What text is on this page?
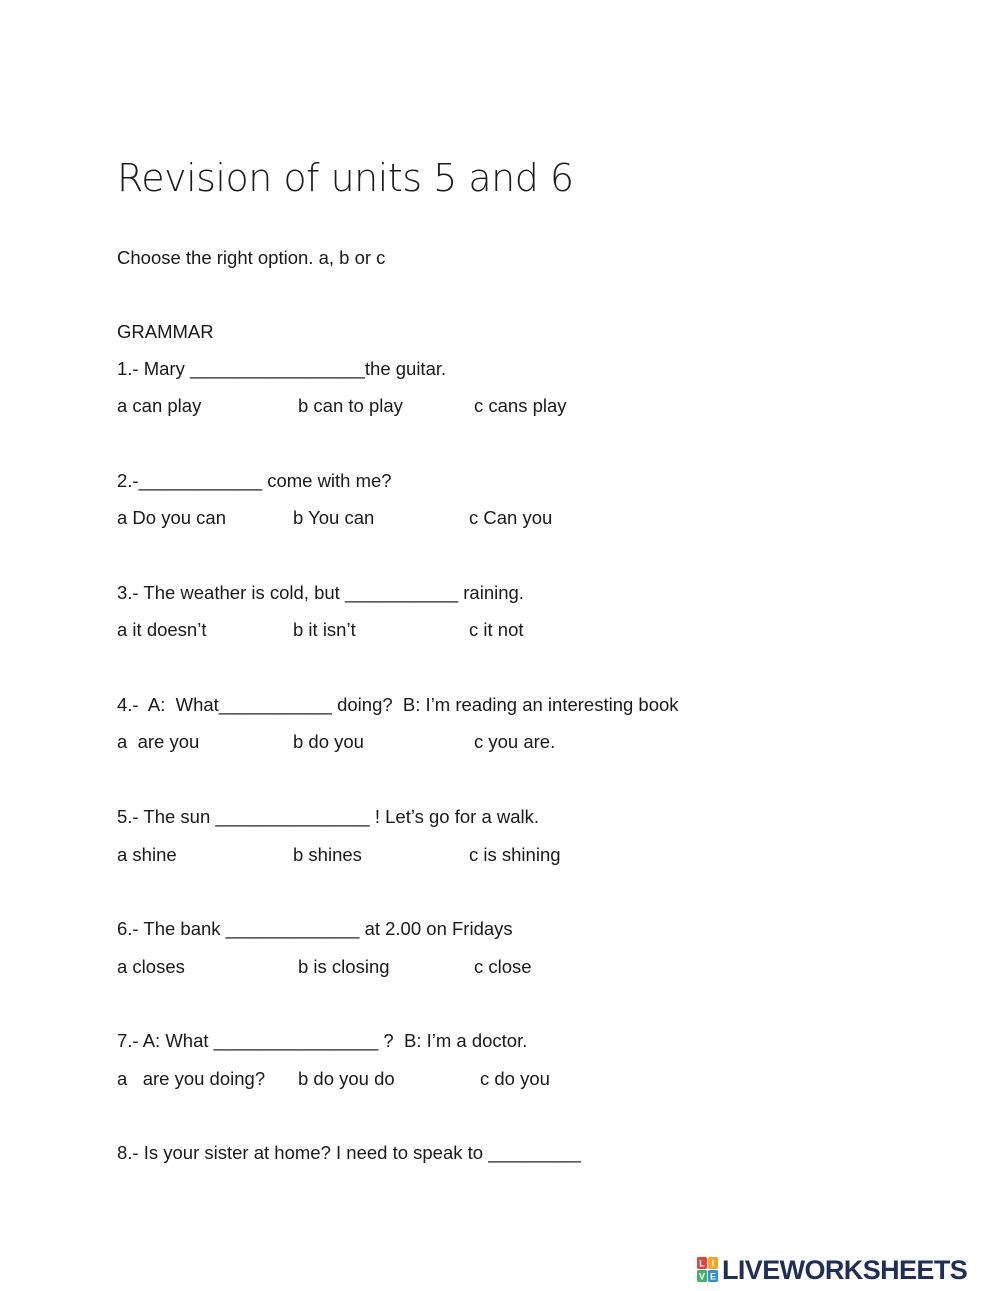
Revision of units 5 and 6
Choose the right option. a, b or c
GRAMMAR
1.- Mary _________________the guitar.
a can play	b can to play	c cans play
2.-____________ come with me?
a Do you can	b You can	c Can you
3.- The weather is cold, but ___________ raining.
a it doesn’t	b it isn’t	c it not
4.-  A:  What___________ doing?  B: I’m reading an interesting book
a  are you	b do you	c you are.
5.- The sun _______________ ! Let’s go for a walk.
a shine	b shines	c is shining
6.- The bank _____________ at 2.00 on Fridays
a closes	b is closing	c close
7.- A: What ________________ ?  B: I’m a doctor.
a   are you doing? b do you do	c do you
8.- Is your sister at home? I need to speak to _________
L I
V E LIVEWORKSHEETS
